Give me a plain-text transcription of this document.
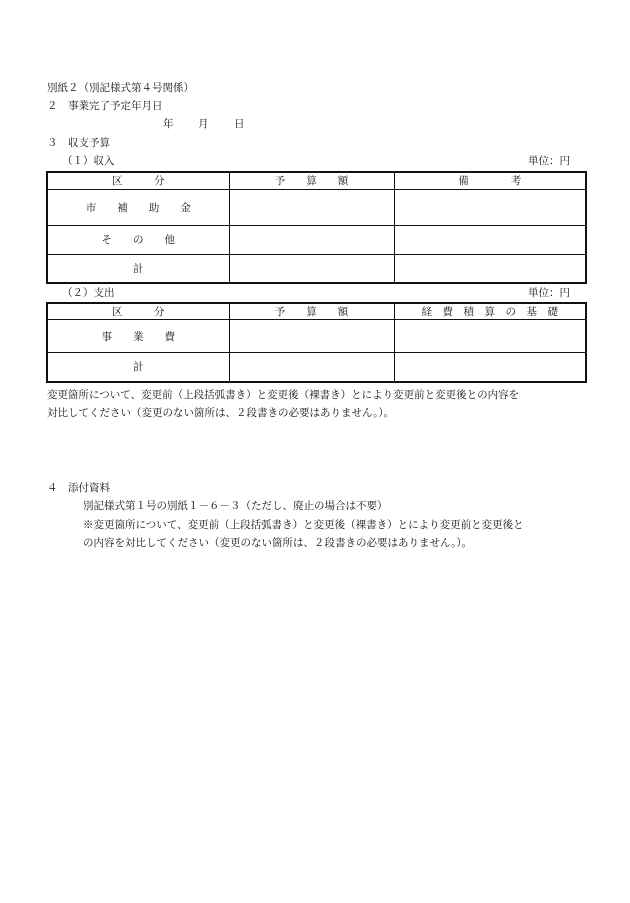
別紙２（別記様式第４号関係）
２　事業完了予定年月日
年 月 日
３　収支予算
（１）収入	単位：円
区　　　分	予　　算　　額	備　　　　考
市　　補　　助　　金		
そ　　の　　他		
計		
（２）支出	単位：円
区　　　分	予　　算　　額	経　費　積　算　の　基　礎
事　　業　　費		
計		
変更箇所について、変更前（上段括弧書き）と変更後（裸書き）とにより変更前と変更後との内容を
対比してください（変更のない箇所は、２段書きの必要はありません。）。
４　添付資料
別記様式第１号の別紙１－６－３（ただし、廃止の場合は不要）
※変更箇所について、変更前（上段括弧書き）と変更後（裸書き）とにより変更前と変更後と
の内容を対比してください（変更のない箇所は、２段書きの必要はありません。）。
